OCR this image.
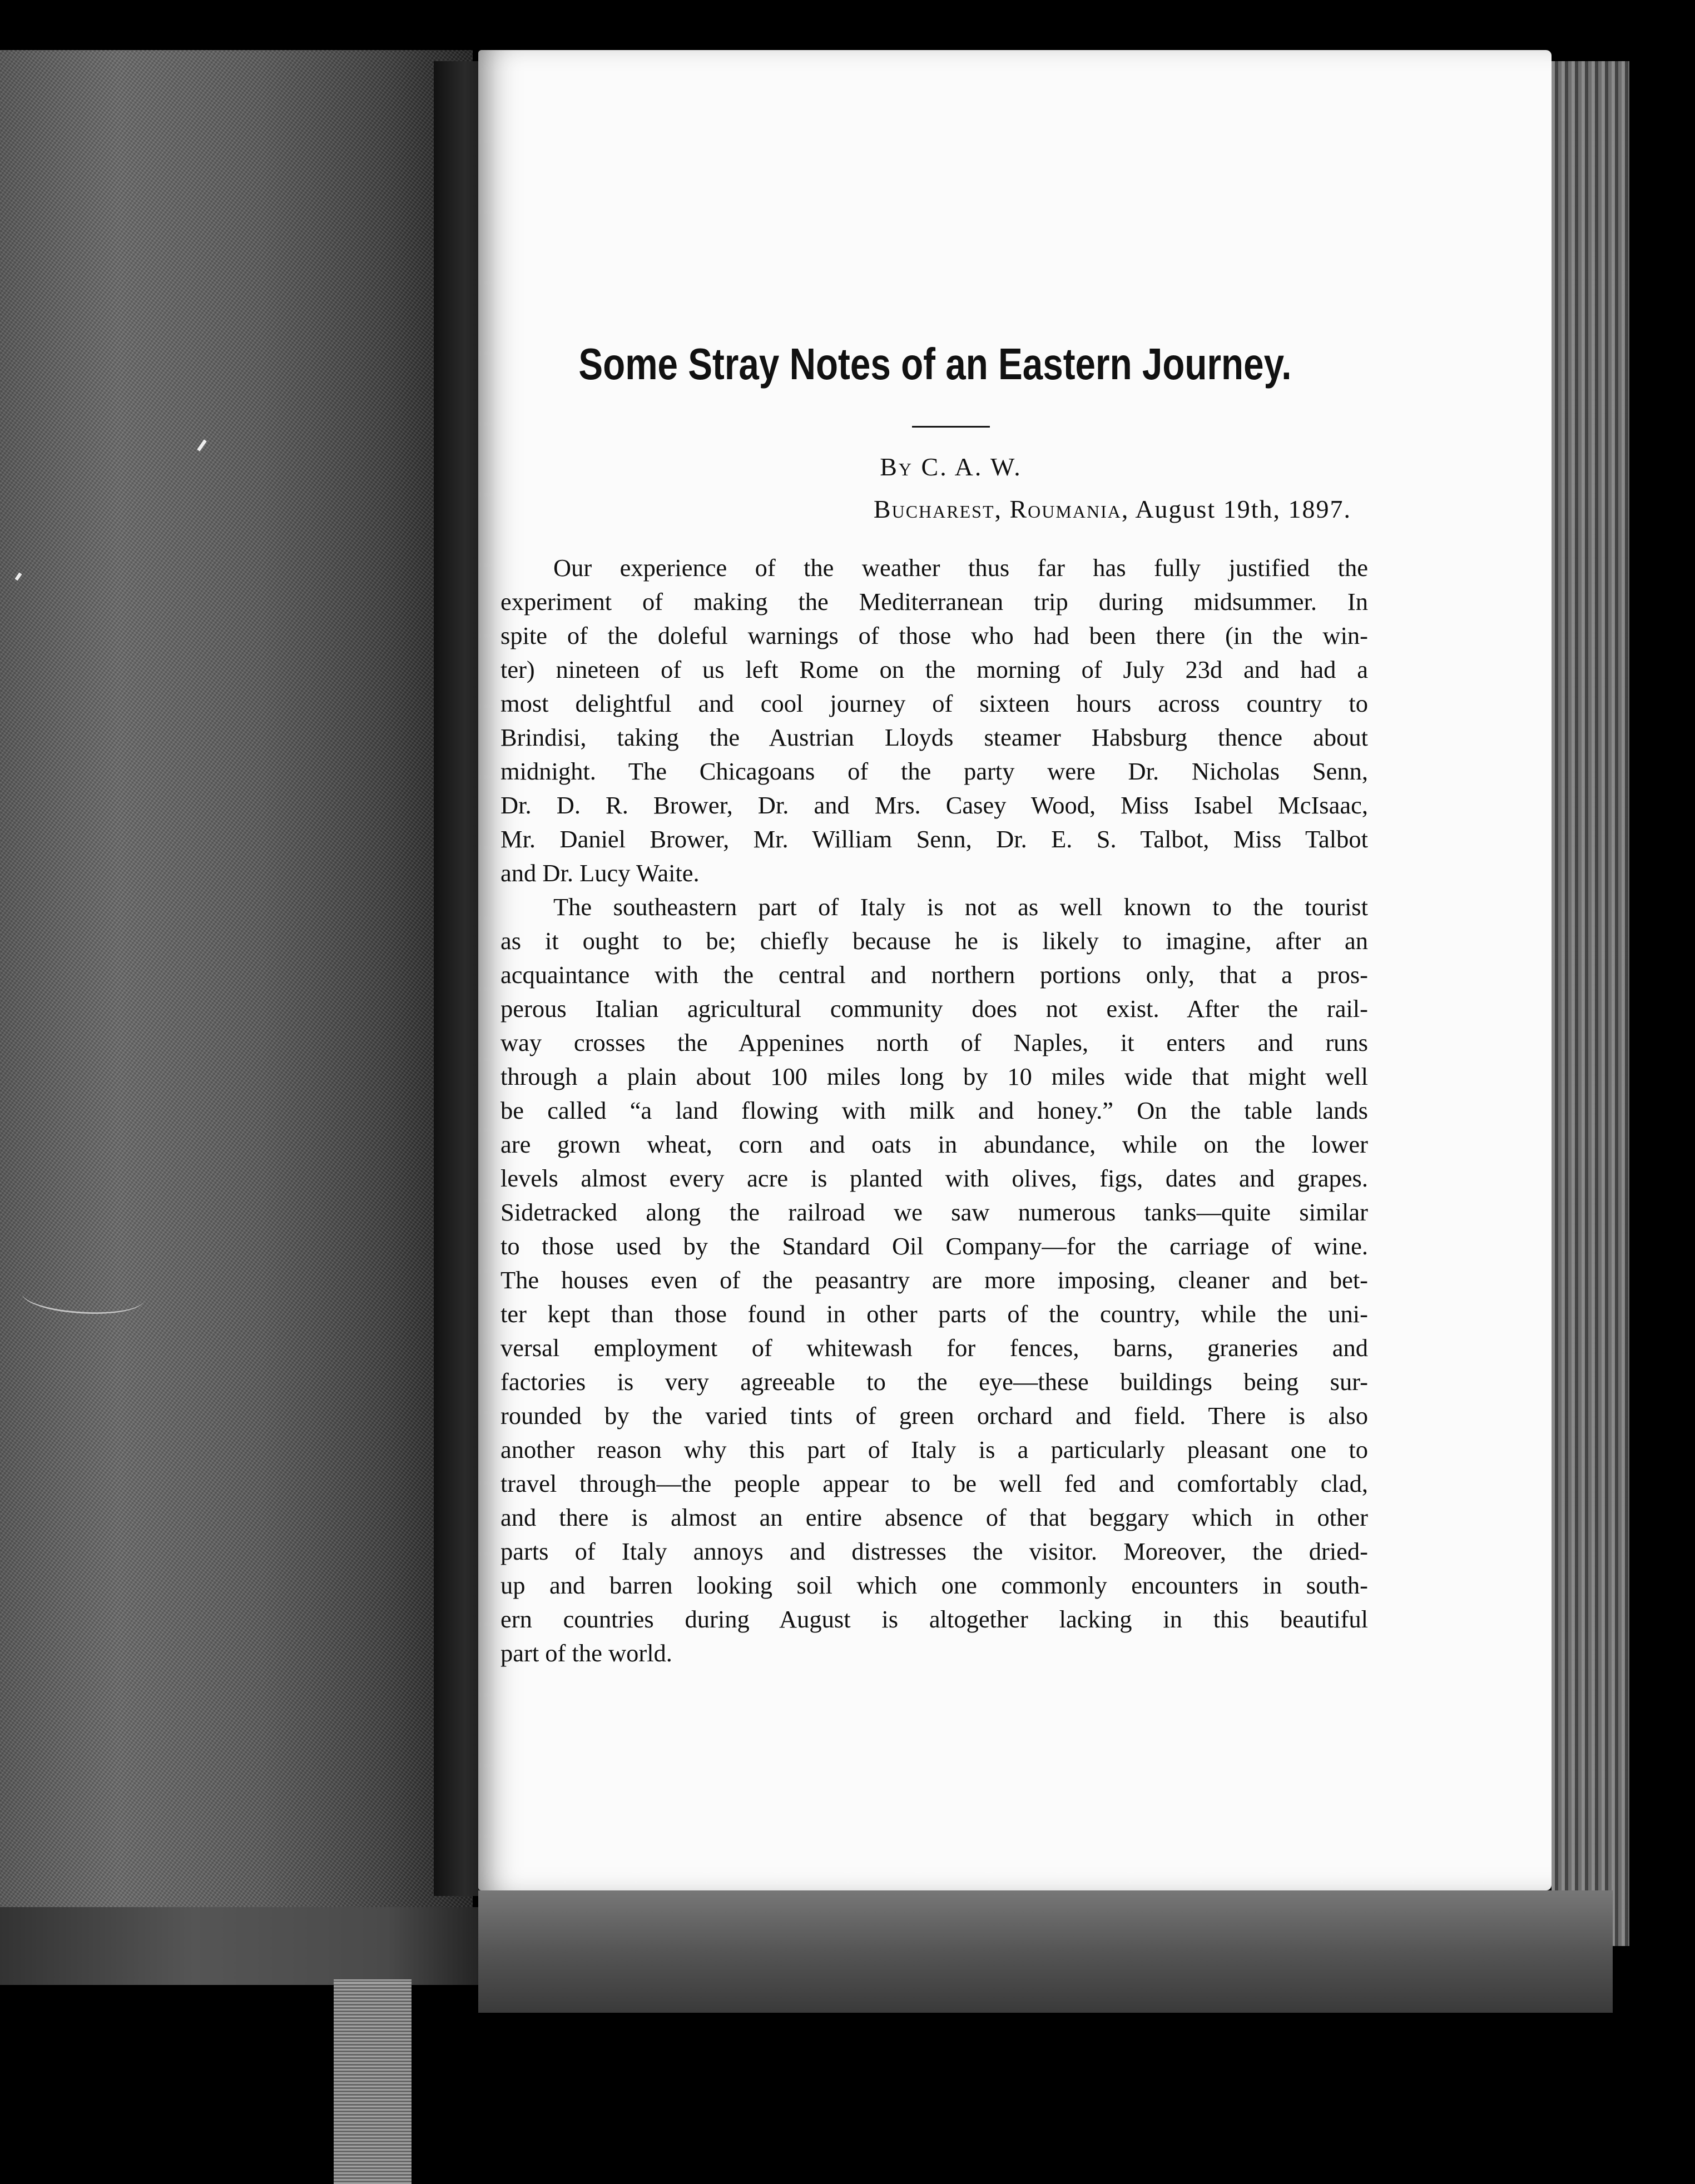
Some Stray Notes of an Eastern Journey.
By C. A. W.
Bucharest, Roumania, August 19th, 1897.
Our experience of the weather thus far has fully justified the
experiment of making the Mediterranean trip during midsummer. In
spite of the doleful warnings of those who had been there (in the win-
ter) nineteen of us left Rome on the morning of July 23d and had a
most delightful and cool journey of sixteen hours across country to
Brindisi, taking the Austrian Lloyds steamer Habsburg thence about
midnight. The Chicagoans of the party were Dr. Nicholas Senn,
Dr. D. R. Brower, Dr. and Mrs. Casey Wood, Miss Isabel McIsaac,
Mr. Daniel Brower, Mr. William Senn, Dr. E. S. Talbot, Miss Talbot
and Dr. Lucy Waite.
The southeastern part of Italy is not as well known to the tourist
as it ought to be; chiefly because he is likely to imagine, after an
acquaintance with the central and northern portions only, that a pros-
perous Italian agricultural community does not exist. After the rail-
way crosses the Appenines north of Naples, it enters and runs
through a plain about 100 miles long by 10 miles wide that might well
be called “a land flowing with milk and honey.” On the table lands
are grown wheat, corn and oats in abundance, while on the lower
levels almost every acre is planted with olives, figs, dates and grapes.
Sidetracked along the railroad we saw numerous tanks—quite similar
to those used by the Standard Oil Company—for the carriage of wine.
The houses even of the peasantry are more imposing, cleaner and bet-
ter kept than those found in other parts of the country, while the uni-
versal employment of whitewash for fences, barns, graneries and
factories is very agreeable to the eye—these buildings being sur-
rounded by the varied tints of green orchard and field. There is also
another reason why this part of Italy is a particularly pleasant one to
travel through—the people appear to be well fed and comfortably clad,
and there is almost an entire absence of that beggary which in other
parts of Italy annoys and distresses the visitor. Moreover, the dried-
up and barren looking soil which one commonly encounters in south-
ern countries during August is altogether lacking in this beautiful
part of the world.
